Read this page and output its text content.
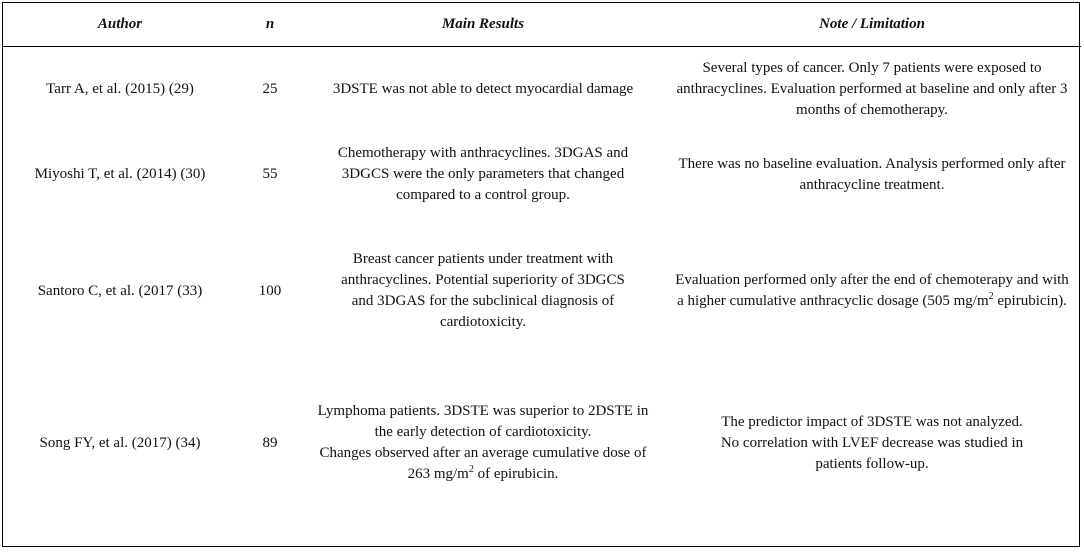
Author	n	Main Results	Note / Limitation
Tarr A, et al. (2015) (29)	25	3DSTE was not able to detect myocardial damage	Several types of cancer. Only 7 patients were exposed to
anthracyclines. Evaluation performed at baseline and only after 3
months of chemotherapy.
Miyoshi T, et al. (2014) (30)	55	Chemotherapy with anthracyclines. 3DGAS and
3DGCS were the only parameters that changed
compared to a control group.	There was no baseline evaluation. Analysis performed only after
anthracycline treatment.
Santoro C, et al. (2017 (33)	100	Breast cancer patients under treatment with
anthracyclines. Potential superiority of 3DGCS
and 3DGAS for the subclinical diagnosis of
cardiotoxicity.	Evaluation performed only after the end of chemoterapy and with
a higher cumulative anthracyclic dosage (505 $mg/m^2$ epirubicin).
Song FY, et al. (2017) (34)	89	Lymphoma patients. 3DSTE was superior to 2DSTE in
the early detection of cardiotoxicity.
Changes observed after an average cumulative dose of
263 $mg/m^2$ of epirubicin.	The predictor impact of 3DSTE was not analyzed.
No correlation with LVEF decrease was studied in
patients follow-up.
